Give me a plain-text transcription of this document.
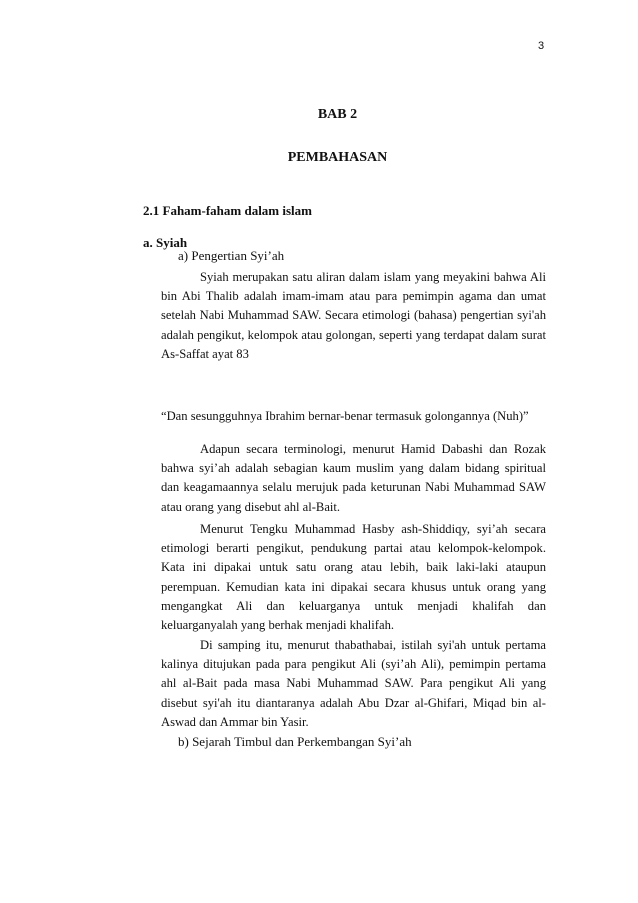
3
BAB 2
PEMBAHASAN
2.1 Faham-faham dalam islam
a. Syiah
a) Pengertian Syi’ah
Syiah merupakan satu aliran dalam islam yang meyakini bahwa Ali bin Abi Thalib adalah imam-imam atau para pemimpin agama dan umat setelah Nabi Muhammad SAW. Secara etimologi (bahasa) pengertian syi'ah adalah pengikut, kelompok atau golongan, seperti yang terdapat dalam surat As-Saffat ayat 83
“Dan sesungguhnya Ibrahim bernar-benar termasuk golongannya (Nuh)”
Adapun secara terminologi, menurut Hamid Dabashi dan Rozak bahwa syi’ah adalah sebagian kaum muslim yang dalam bidang spiritual dan keagamaannya selalu merujuk pada keturunan Nabi Muhammad SAW atau orang yang disebut ahl al-Bait.
Menurut Tengku Muhammad Hasby ash-Shiddiqy, syi’ah secara etimologi berarti pengikut, pendukung partai atau kelompok-kelompok. Kata ini dipakai untuk satu orang atau lebih, baik laki-laki ataupun perempuan. Kemudian kata ini dipakai secara khusus untuk orang yang mengangkat Ali dan keluarganya untuk menjadi khalifah dan keluarganyalah yang berhak menjadi khalifah.
Di samping itu, menurut thabathabai, istilah syi'ah untuk pertama kalinya ditujukan pada para pengikut Ali (syi’ah Ali), pemimpin pertama ahl al-Bait pada masa Nabi Muhammad SAW. Para pengikut Ali yang disebut syi'ah itu diantaranya adalah Abu Dzar al-Ghifari, Miqad bin al-Aswad dan Ammar bin Yasir.
b) Sejarah Timbul dan Perkembangan Syi’ah
